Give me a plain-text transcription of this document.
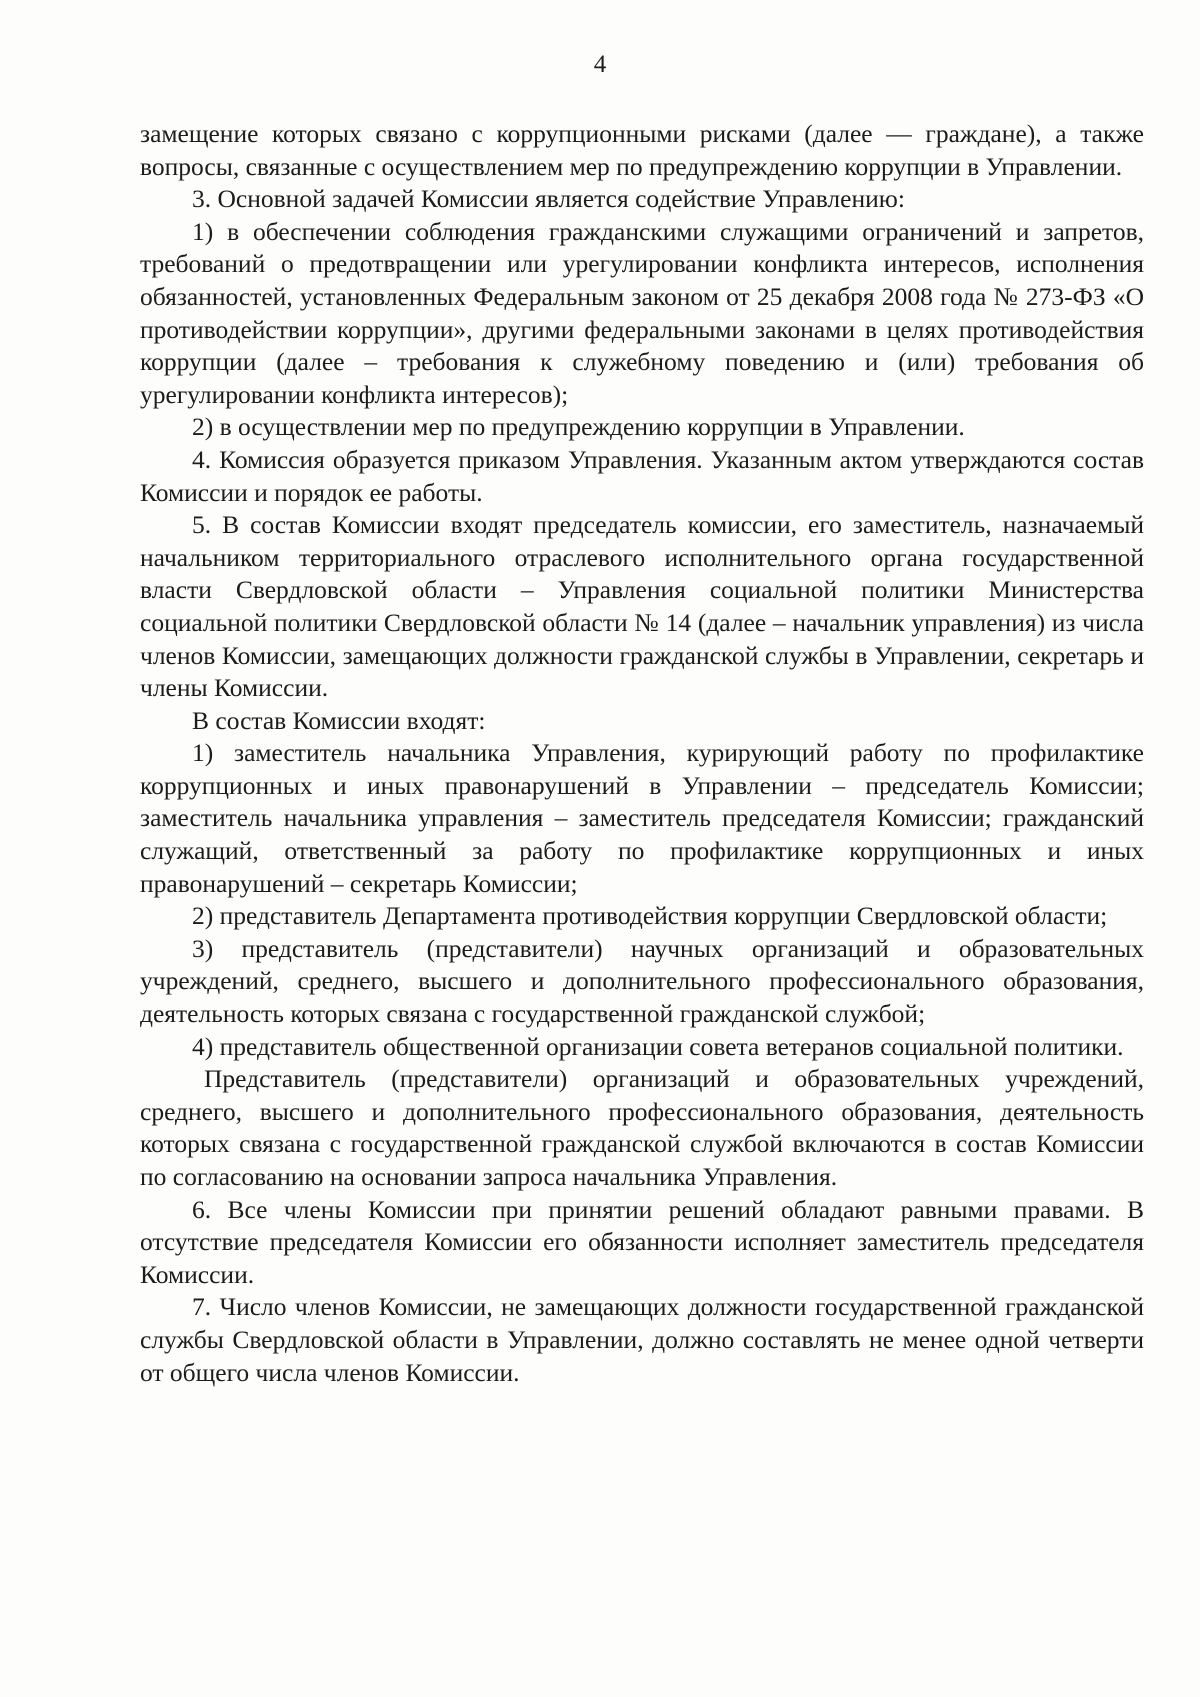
4

замещение которых связано с коррупционными рисками (далее — граждане), а также вопросы, связанные с осуществлением мер по предупреждению коррупции в Управлении.

3. Основной задачей Комиссии является содействие Управлению:

1) в обеспечении соблюдения гражданскими служащими ограничений и запретов, требований о предотвращении или урегулировании конфликта интересов, исполнения обязанностей, установленных Федеральным законом от 25 декабря 2008 года № 273-ФЗ «О противодействии коррупции», другими федеральными законами в целях противодействия коррупции (далее – требования к служебному поведению и (или) требования об урегулировании конфликта интересов);

2) в осуществлении мер по предупреждению коррупции в Управлении.

4. Комиссия образуется приказом Управления. Указанным актом утверждаются состав Комиссии и порядок ее работы.

5. В состав Комиссии входят председатель комиссии, его заместитель, назначаемый начальником территориального отраслевого исполнительного органа государственной власти Свердловской области – Управления социальной политики Министерства социальной политики Свердловской области № 14 (далее – начальник управления) из числа членов Комиссии, замещающих должности гражданской службы в Управлении, секретарь и члены Комиссии.

В состав Комиссии входят:

1) заместитель начальника Управления, курирующий работу по профилактике коррупционных и иных правонарушений в Управлении – председатель Комиссии; заместитель начальника управления – заместитель председателя Комиссии; гражданский служащий, ответственный за работу по профилактике коррупционных и иных правонарушений – секретарь Комиссии;

2) представитель Департамента противодействия коррупции Свердловской области;

3) представитель (представители) научных организаций и образовательных учреждений, среднего, высшего и дополнительного профессионального образования, деятельность которых связана с государственной гражданской службой;

4) представитель общественной организации совета ветеранов социальной политики.

Представитель (представители) организаций и образовательных учреждений, среднего, высшего и дополнительного профессионального образования, деятельность которых связана с государственной гражданской службой включаются в состав Комиссии по согласованию на основании запроса начальника Управления.

6. Все члены Комиссии при принятии решений обладают равными правами. В отсутствие председателя Комиссии его обязанности исполняет заместитель председателя Комиссии.

7. Число членов Комиссии, не замещающих должности государственной гражданской службы Свердловской области в Управлении, должно составлять не менее одной четверти от общего числа членов Комиссии.
